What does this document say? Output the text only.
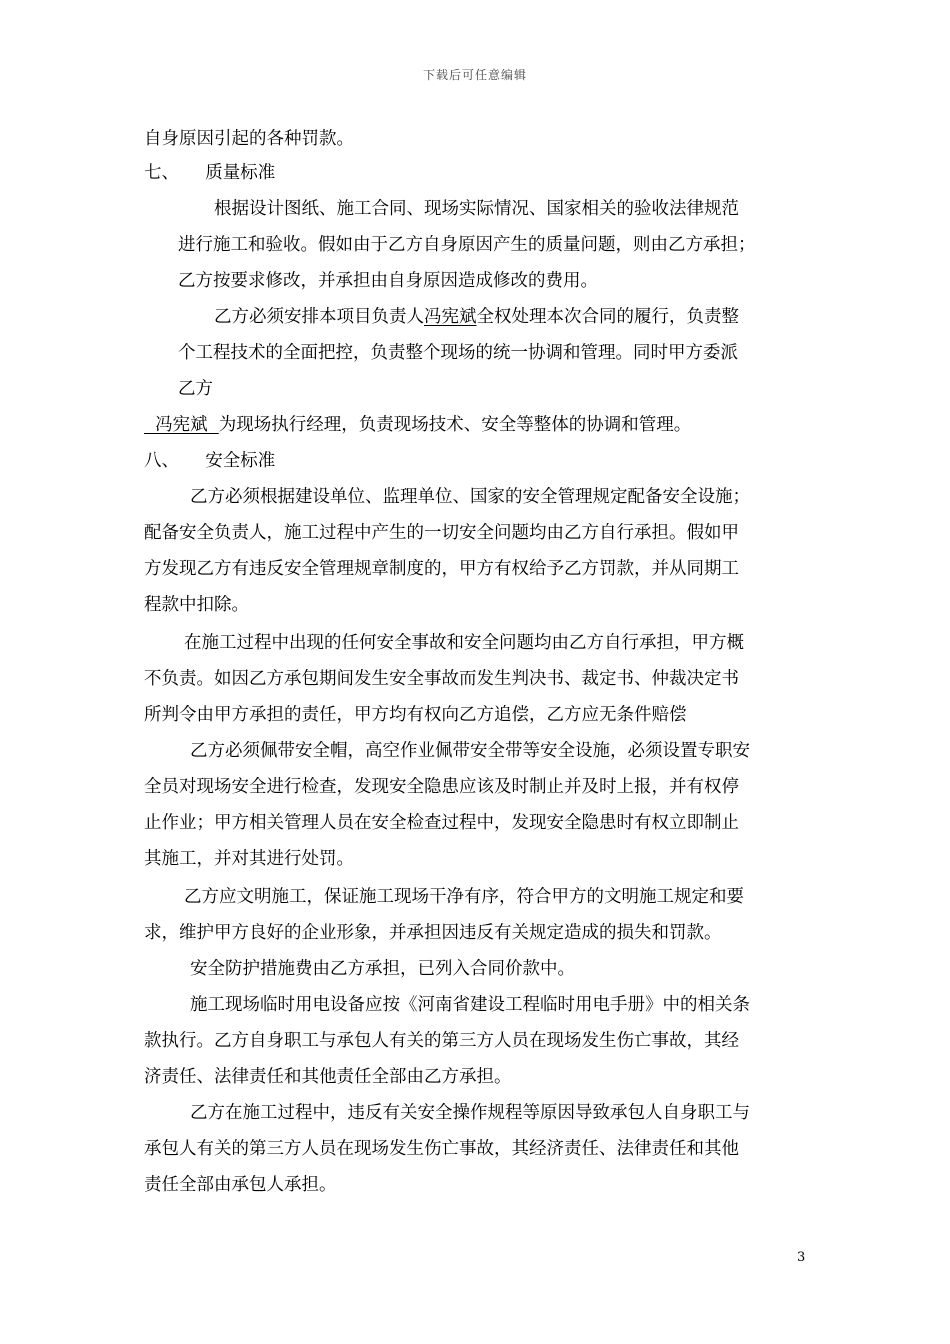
下载后可任意编辑
自身原因引起的各种罚款。
七、　　质量标准
根据设计图纸、施工合同、现场实际情况、国家相关的验收法律规范
进行施工和验收。假如由于乙方自身原因产生的质量问题，则由乙方承担；
乙方按要求修改，并承担由自身原因造成修改的费用。
乙方必须安排本项目负责人冯宪斌全权处理本次合同的履行，负责整
个工程技术的全面把控，负责整个现场的统一协调和管理。同时甲方委派
乙方
冯宪斌  为现场执行经理，负责现场技术、安全等整体的协调和管理。
八、　　安全标准
乙方必须根据建设单位、监理单位、国家的安全管理规定配备安全设施；
配备安全负责人，施工过程中产生的一切安全问题均由乙方自行承担。假如甲
方发现乙方有违反安全管理规章制度的，甲方有权给予乙方罚款，并从同期工
程款中扣除。
在施工过程中出现的任何安全事故和安全问题均由乙方自行承担，甲方概
不负责。如因乙方承包期间发生安全事故而发生判决书、裁定书、仲裁决定书
所判令由甲方承担的责任，甲方均有权向乙方追偿，乙方应无条件赔偿
乙方必须佩带安全帽，高空作业佩带安全带等安全设施，必须设置专职安
全员对现场安全进行检查，发现安全隐患应该及时制止并及时上报，并有权停
止作业；甲方相关管理人员在安全检查过程中，发现安全隐患时有权立即制止
其施工，并对其进行处罚。
乙方应文明施工，保证施工现场干净有序，符合甲方的文明施工规定和要
求，维护甲方良好的企业形象，并承担因违反有关规定造成的损失和罚款。
安全防护措施费由乙方承担，已列入合同价款中。
施工现场临时用电设备应按《河南省建设工程临时用电手册》中的相关条
款执行。乙方自身职工与承包人有关的第三方人员在现场发生伤亡事故，其经
济责任、法律责任和其他责任全部由乙方承担。
乙方在施工过程中，违反有关安全操作规程等原因导致承包人自身职工与
承包人有关的第三方人员在现场发生伤亡事故，其经济责任、法律责任和其他
责任全部由承包人承担。
3
